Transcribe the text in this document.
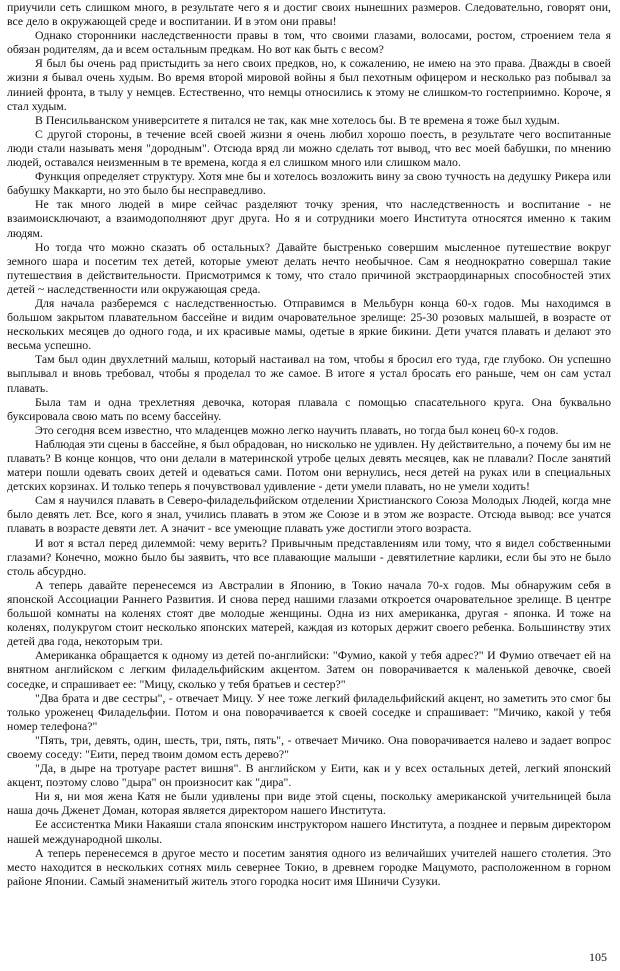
приучили сеть слишком много, в результате чего я и достиг своих нынешних размеров. Следовательно, говорят они, все дело в окружающей среде и воспитании. И в этом они правы!

Однако сторонники наследственности правы в том, что своими глазами, волосами, ростом, строением тела я обязан родителям, да и всем остальным предкам. Но вот как быть с весом?

Я был бы очень рад пристыдить за него своих предков, но, к сожалению, не имею на это права. Дважды в своей жизни я бывал очень худым. Во время второй мировой войны я был пехотным офицером и несколько раз побывал за линией фронта, в тылу у немцев. Естественно, что немцы относились к этому не слишком-то гостеприимно. Короче, я стал худым.

В Пенсильванском университете я питался не так, как мне хотелось бы. В те времена я тоже был худым.

С другой стороны, в течение всей своей жизни я очень любил хорошо поесть, в результате чего воспитанные люди стали называть меня "дородным". Отсюда вряд ли можно сделать тот вывод, что вес моей бабушки, по мнению людей, оставался неизменным в те времена, когда я ел слишком много или слишком мало.

Функция определяет структуру. Хотя мне бы и хотелось возложить вину за свою тучность на дедушку Рикера или бабушку Маккарти, но это было бы несправедливо.

Не так много людей в мире сейчас разделяют точку зрения, что наследственность и воспитание - не взаимоисключают, а взаимодополняют друг друга. Но я и сотрудники моего Института относятся именно к таким людям.

Но тогда что можно сказать об остальных? Давайте быстренько совершим мысленное путешествие вокруг земного шара и посетим тех детей, которые умеют делать нечто необычное. Сам я неоднократно совершал такие путешествия в действительности. Присмотримся к тому, что стало причиной экстраординарных способностей этих детей ~ наследственности или окружающая среда.

Для начала разберемся с наследственностью. Отправимся в Мельбурн конца 60-х годов. Мы находимся в большом закрытом плавательном бассейне и видим очаровательное зрелище: 25-30 розовых малышей, в возрасте от нескольких месяцев до одного года, и их красивые мамы, одетые в яркие бикини. Дети учатся плавать и делают это весьма успешно.

Там был один двухлетний малыш, который настаивал на том, чтобы я бросил его туда, где глубоко. Он успешно выплывал и вновь требовал, чтобы я проделал то же самое. В итоге я устал бросать его раньше, чем он сам устал плавать.

Была там и одна трехлетняя девочка, которая плавала с помощью спасательного круга. Она буквально буксировала свою мать по всему бассейну.

Это сегодня всем известно, что младенцев можно легко научить плавать, но тогда был конец 60-х годов.

Наблюдая эти сцены в бассейне, я был обрадован, но нисколько не удивлен. Ну действительно, а почему бы им не плавать? В конце концов, что они делали в материнской утробе целых девять месяцев, как не плавали? После занятий матери пошли одевать своих детей и одеваться сами. Потом они вернулись, неся детей на руках или в специальных детских корзинах. И только теперь я почувствовал удивление - дети умели плавать, но не умели ходить!

Сам я научился плавать в Северо-филадельфийском отделении Христианского Союза Молодых Людей, когда мне было девять лет. Все, кого я знал, учились плавать в этом же Союзе и в этом же возрасте. Отсюда вывод: все учатся плавать в возрасте девяти лет. А значит - все умеющие плавать уже достигли этого возраста.

И вот я встал перед дилеммой: чему верить? Привычным представлениям или тому, что я видел собственными глазами? Конечно, можно было бы заявить, что все плавающие малыши - девятилетние карлики, если бы это не было столь абсурдно.

А теперь давайте перенесемся из Австралии в Японию, в Токио начала 70-х годов. Мы обнаружим себя в японской Ассоциации Раннего Развития. И снова перед нашими глазами откроется очаровательное зрелище. В центре большой комнаты на коленях стоят две молодые женщины. Одна из них американка, другая - японка. И тоже на коленях, полукругом стоит несколько японских матерей, каждая из которых держит своего ребенка. Большинству этих детей два года, некоторым три.

Американка обращается к одному из детей по-английски: "Фумио, какой у тебя адрес?" И Фумио отвечает ей на внятном английском с легким филадельфийским акцентом. Затем он поворачивается к маленькой девочке, своей соседке, и спрашивает ее: "Мицу, сколько у тебя братьев и сестер?"

"Два брата и две сестры", - отвечает Мицу. У нее тоже легкий филадельфийский акцент, но заметить это смог бы только уроженец Филадельфии. Потом и она поворачивается к своей соседке и спрашивает: "Мичико, какой у тебя номер телефона?"

"Пять, три, девять, один, шесть, три, пять, пять", - отвечает Мичико. Она поворачивается налево и задает вопрос своему соседу: "Еити, перед твоим домом есть дерево?"

"Да, в дыре на тротуаре растет вишня". В английском у Еити, как и у всех остальных детей, легкий японский акцент, поэтому слово "дыра" он произносит как "дира".

Ни я, ни моя жена Катя не были удивлены при виде этой сцены, поскольку американской учительницей была наша дочь Дженет Доман, которая является директором нашего Института.

Ее ассистентка Мики Накаяши стала японским инструктором нашего Института, а позднее и первым директором нашей международной школы.

А теперь перенесемся в другое место и посетим занятия одного из величайших учителей нашего столетия. Это место находится в нескольких сотнях миль севернее Токио, в древнем городке Мацумото, расположенном в горном районе Японии. Самый знаменитый житель этого городка носит имя Шиничи Сузуки.

105
